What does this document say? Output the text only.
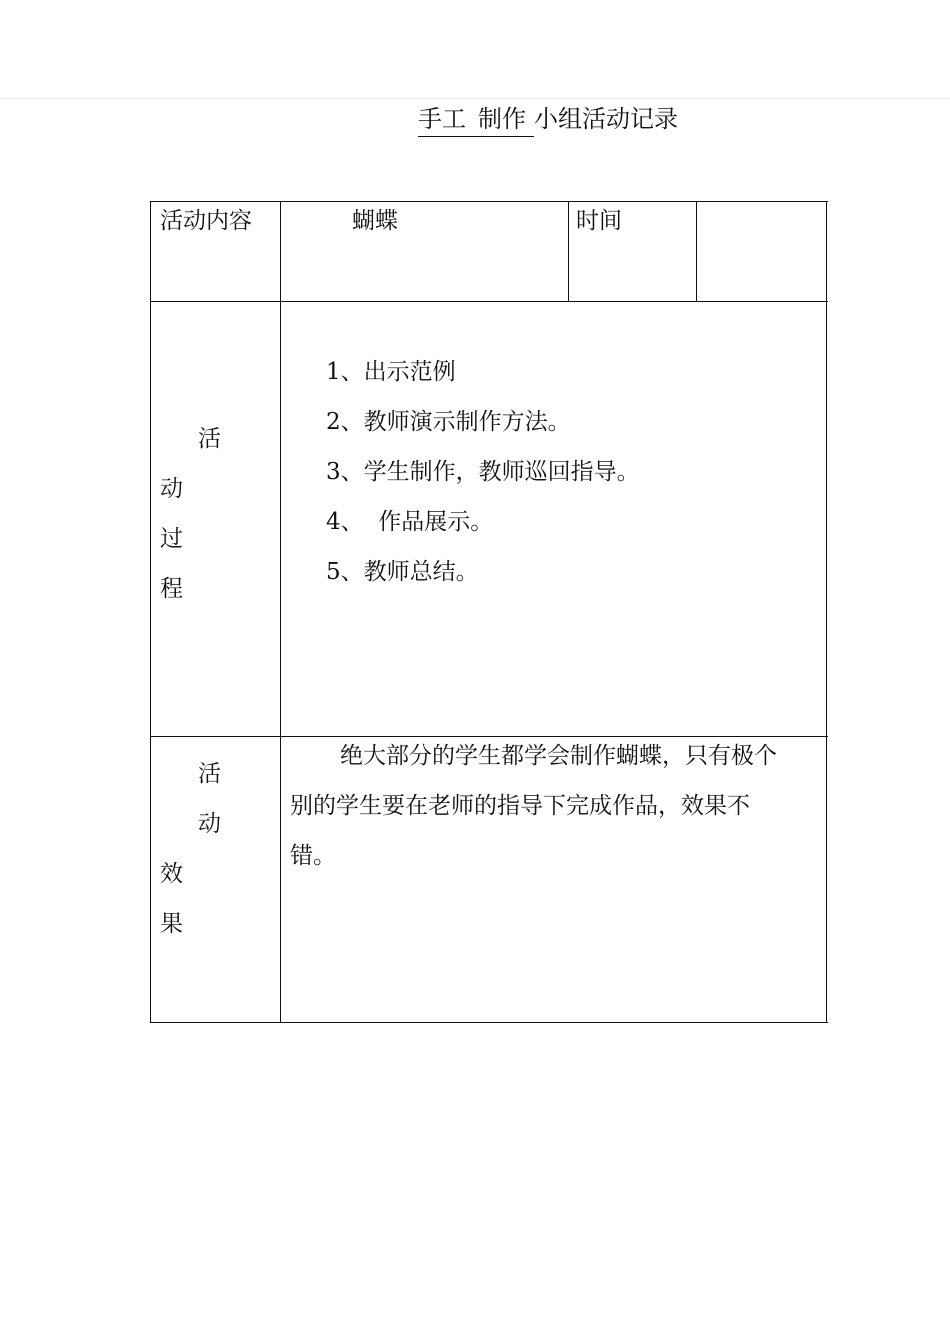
手工 制作 小组活动记录
活动内容	蝴蝶	时间
活
动
过
程
1、出示范例
2、教师演示制作方法。
3、学生制作，教师巡回指导。
4、  作品展示。
5、教师总结。
活
动
效
果
绝大部分的学生都学会制作蝴蝶，只有极个
别的学生要在老师的指导下完成作品，效果不
错。
